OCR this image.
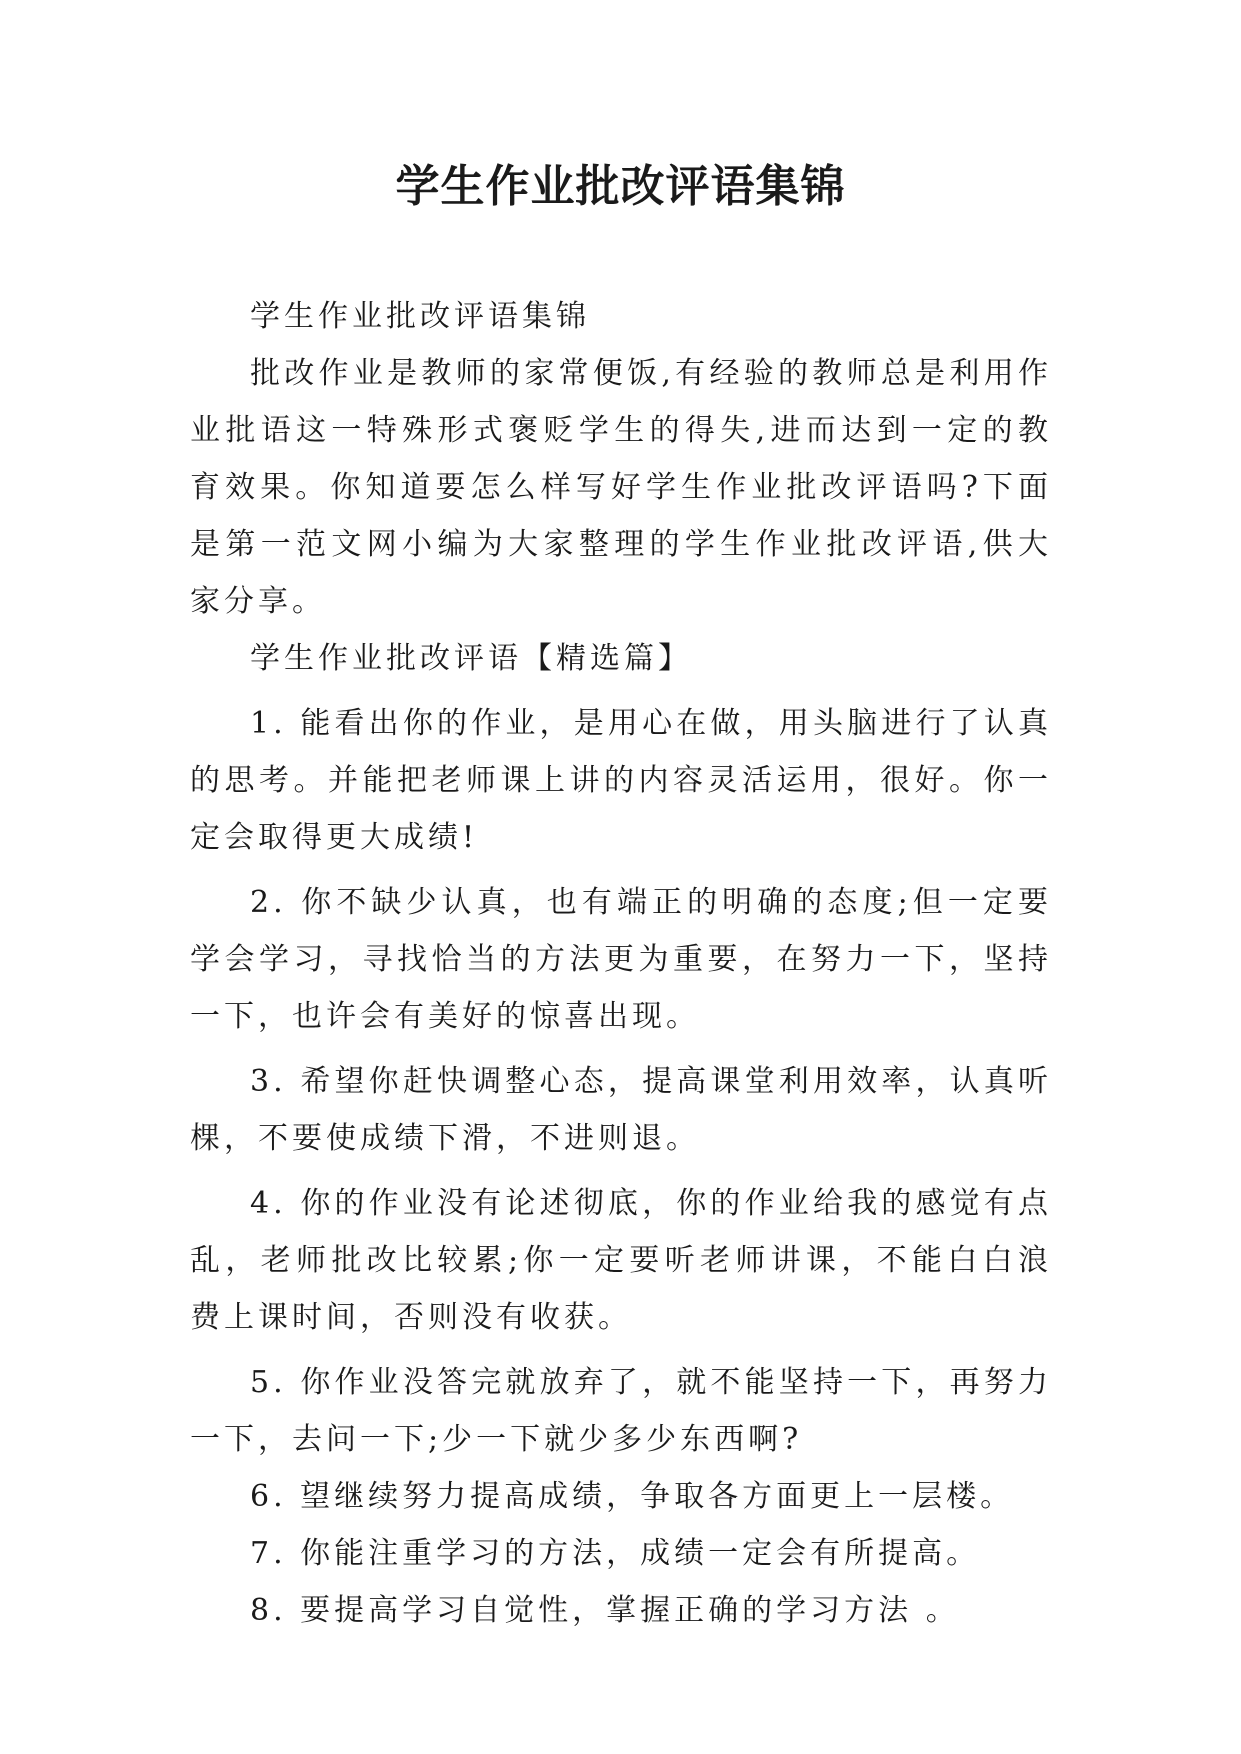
学生作业批改评语集锦

学生作业批改评语集锦

批改作业是教师的家常便饭,有经验的教师总是利用作业批语这一特殊形式褒贬学生的得失,进而达到一定的教育效果。你知道要怎么样写好学生作业批改评语吗?下面是第一范文网小编为大家整理的学生作业批改评语,供大家分享。

学生作业批改评语【精选篇】

1. 能看出你的作业，是用心在做，用头脑进行了认真的思考。并能把老师课上讲的内容灵活运用，很好。你一定会取得更大成绩!

2. 你不缺少认真，也有端正的明确的态度;但一定要学会学习，寻找恰当的方法更为重要，在努力一下，坚持一下，也许会有美好的惊喜出现。

3. 希望你赶快调整心态，提高课堂利用效率，认真听棵，不要使成绩下滑，不进则退。

4. 你的作业没有论述彻底，你的作业给我的感觉有点乱，老师批改比较累;你一定要听老师讲课，不能白白浪费上课时间，否则没有收获。

5. 你作业没答完就放弃了，就不能坚持一下，再努力一下，去问一下;少一下就少多少东西啊?

6. 望继续努力提高成绩，争取各方面更上一层楼。

7. 你能注重学习的方法，成绩一定会有所提高。

8. 要提高学习自觉性，掌握正确的学习方法 。
